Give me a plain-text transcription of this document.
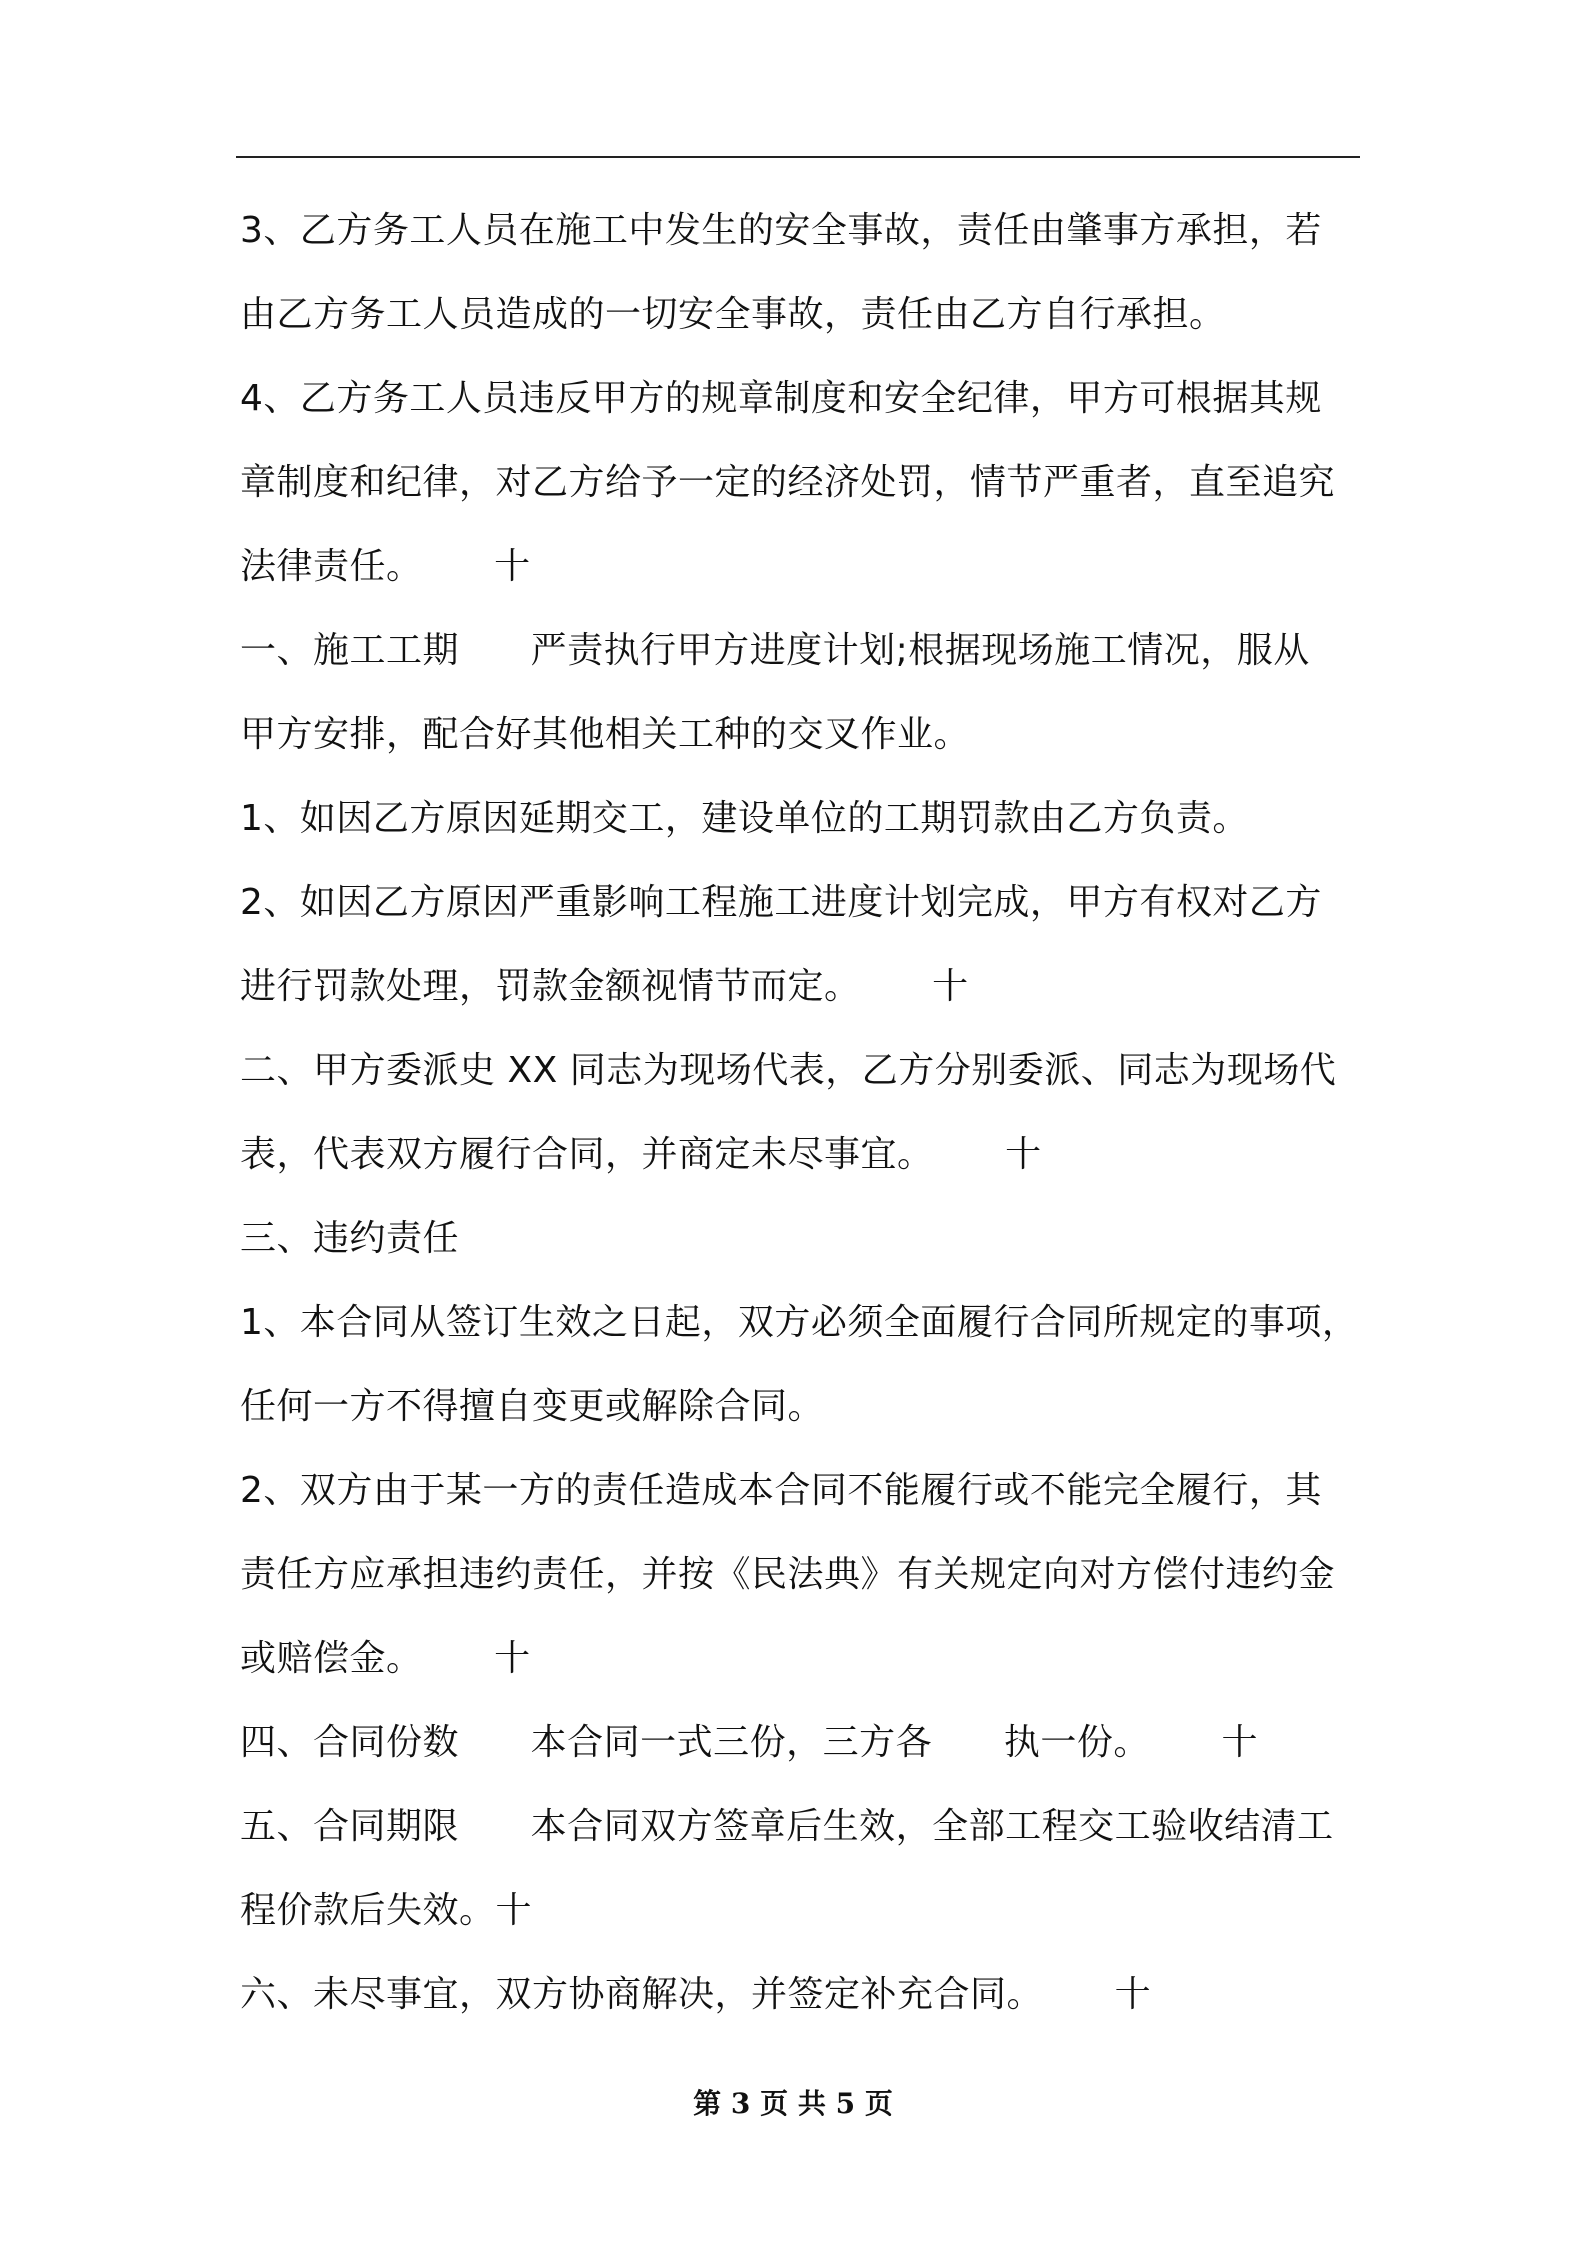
3、乙方务工人员在施工中发生的安全事故，责任由肇事方承担，若
由乙方务工人员造成的一切安全事故，责任由乙方自行承担。
4、乙方务工人员违反甲方的规章制度和安全纪律，甲方可根据其规
章制度和纪律，对乙方给予一定的经济处罚，情节严重者，直至追究
法律责任。      十
一、施工工期      严责执行甲方进度计划;根据现场施工情况，服从
甲方安排，配合好其他相关工种的交叉作业。
1、如因乙方原因延期交工，建设单位的工期罚款由乙方负责。
2、如因乙方原因严重影响工程施工进度计划完成，甲方有权对乙方
进行罚款处理，罚款金额视情节而定。      十
二、甲方委派史 XX 同志为现场代表，乙方分别委派、同志为现场代
表，代表双方履行合同，并商定未尽事宜。      十
三、违约责任
1、本合同从签订生效之日起，双方必须全面履行合同所规定的事项，
任何一方不得擅自变更或解除合同。
2、双方由于某一方的责任造成本合同不能履行或不能完全履行，其
责任方应承担违约责任，并按《民法典》有关规定向对方偿付违约金
或赔偿金。      十
四、合同份数      本合同一式三份，三方各      执一份。      十
五、合同期限      本合同双方签章后生效，全部工程交工验收结清工
程价款后失效。十
六、未尽事宜，双方协商解决，并签定补充合同。      十
第 3 页 共 5 页
